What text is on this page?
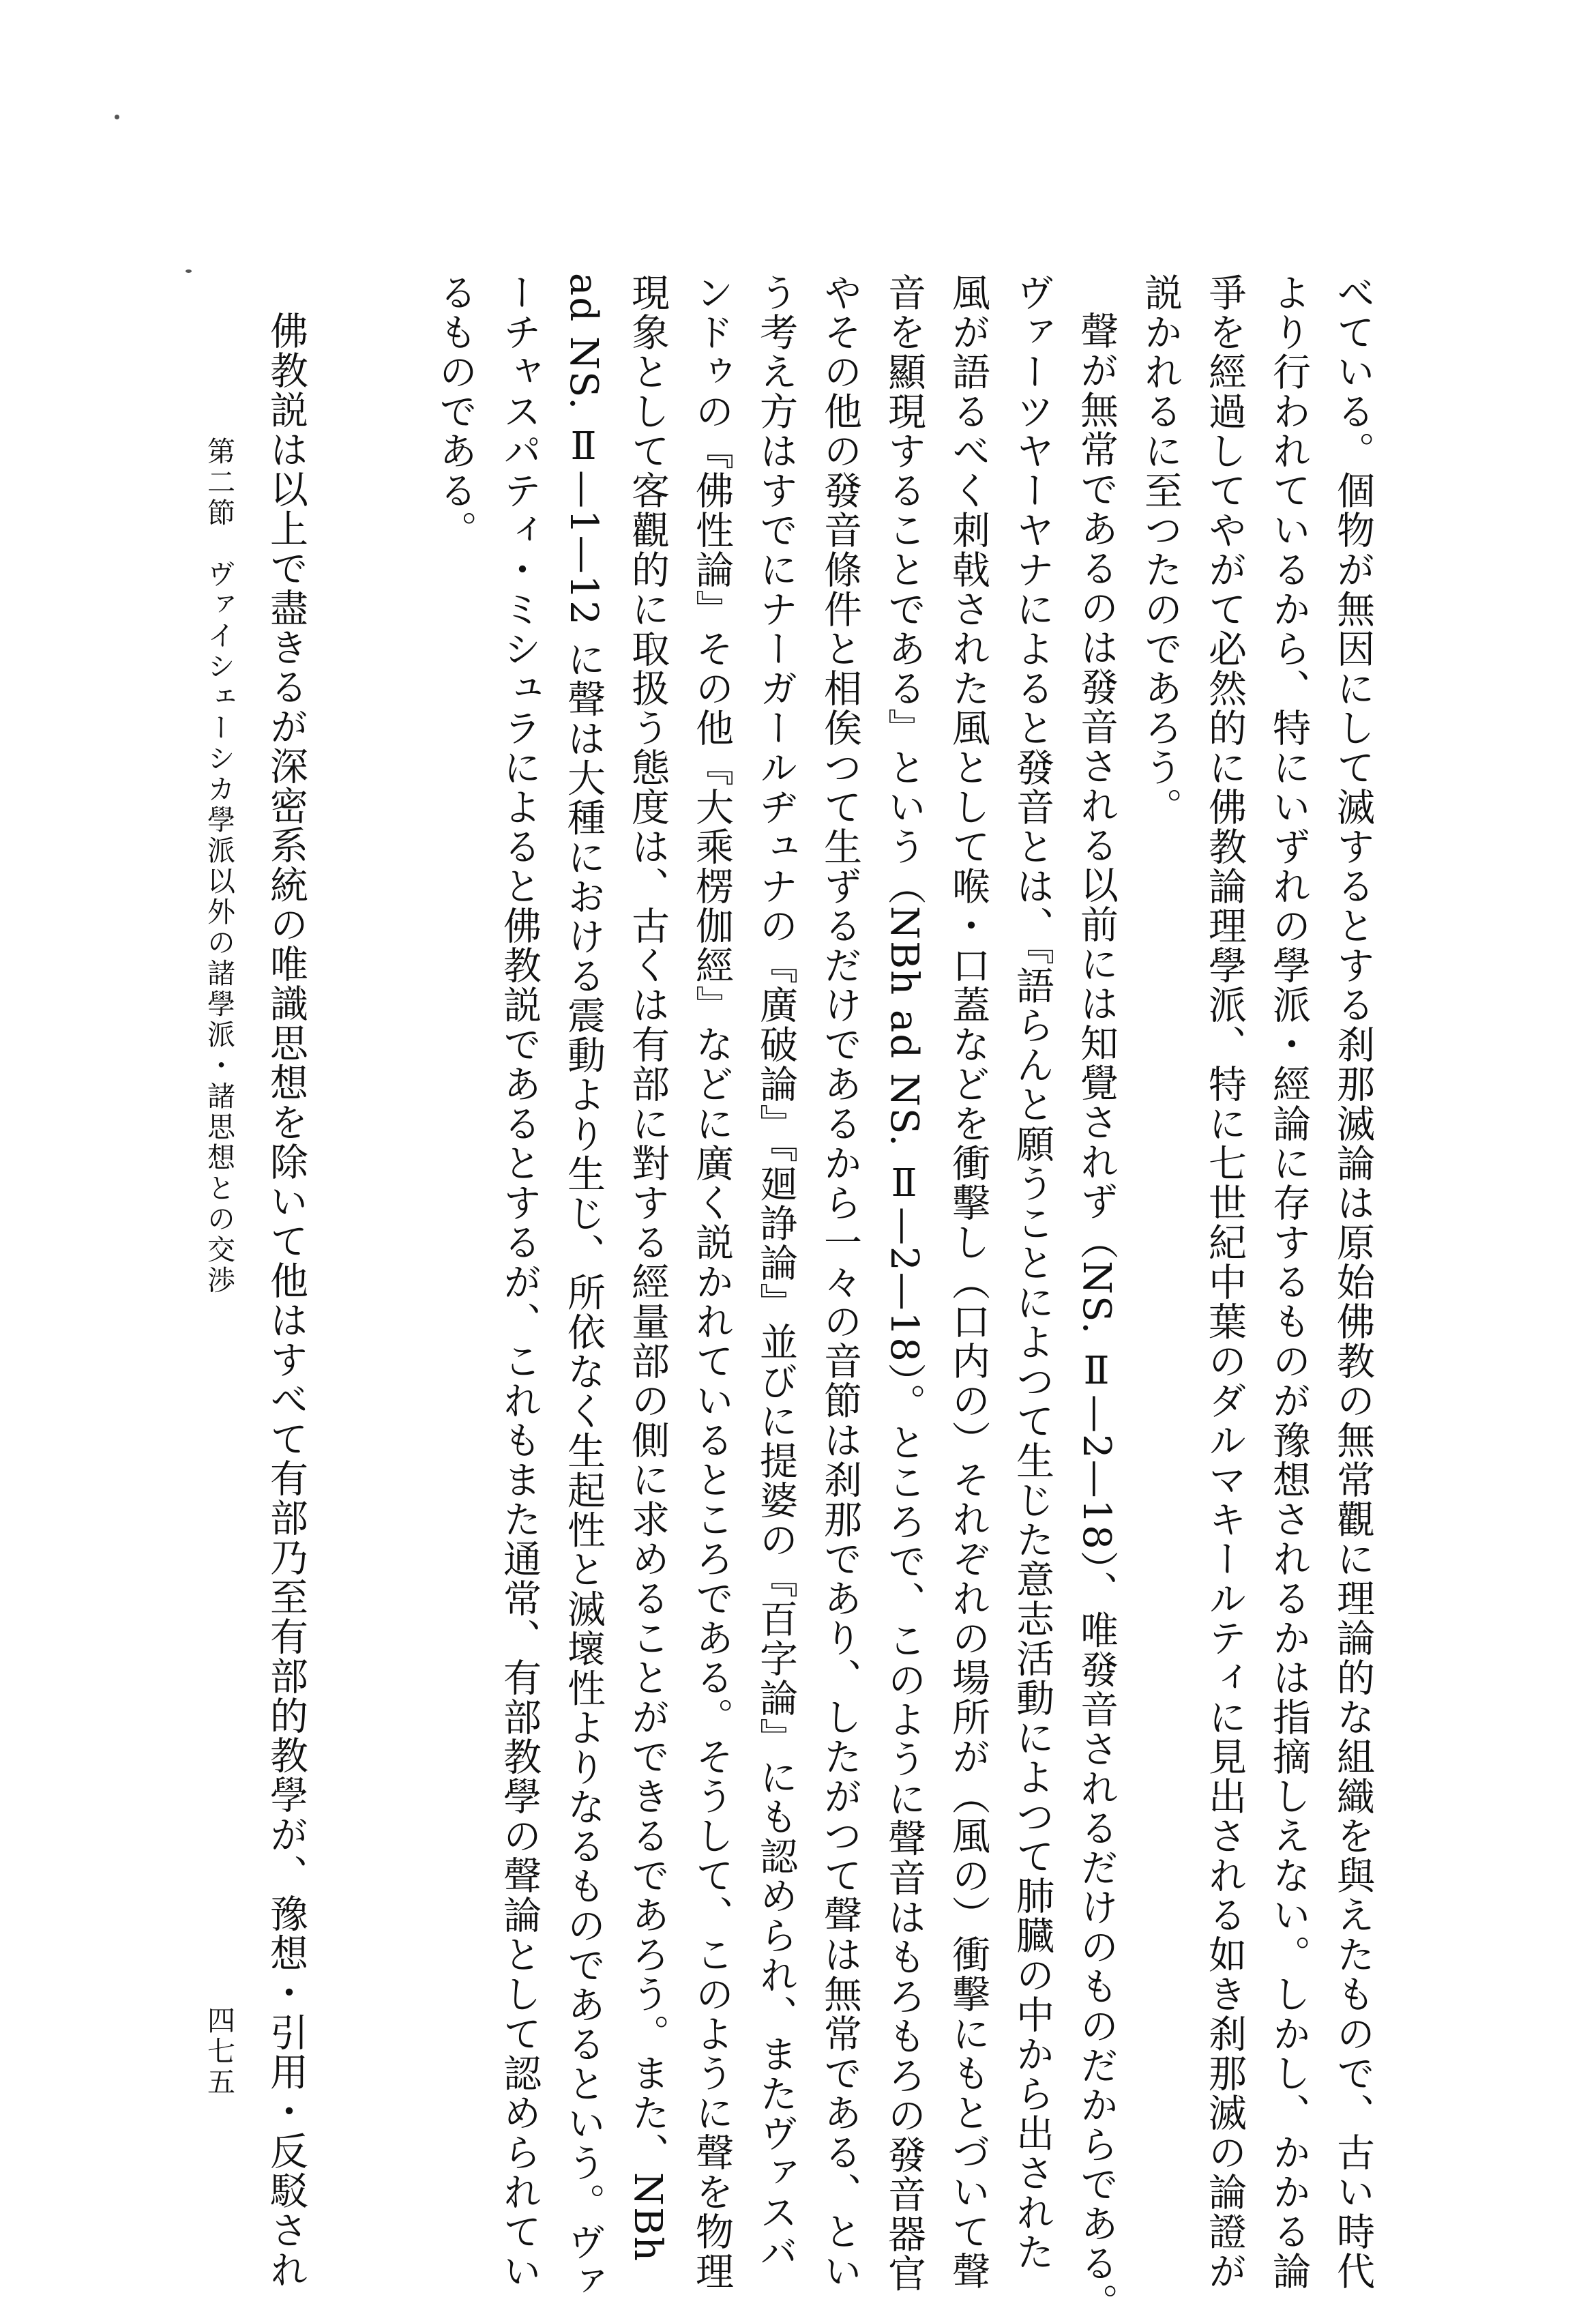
べている。個物が無因にして滅するとする刹那滅論は原始佛教の無常觀に理論的な組織を與えたもので、古い時代
より行われているから、特にいずれの學派・經論に存するものが豫想されるかは指摘しえない。しかし、かかる論
爭を經過してやがて必然的に佛教論理學派、特に七世紀中葉のダルマキールティに見出される如き刹那滅の論證が
説かれるに至つたのであろう。

聲が無常であるのは發音される以前には知覺されず（NS. Ⅱ—2—18）、唯發音されるだけのものだからである。
ヴァーツヤーヤナによると發音とは、『語らんと願うことによつて生じた意志活動によつて肺臓の中から出された
風が語るべく刺戟された風として喉・口蓋などを衝擊し（口内の）それぞれの場所が（風の）衝擊にもとづいて聲
音を顯現することである』という（NBh ad NS. Ⅱ—2—18）。ところで、このように聲音はもろもろの發音器官
やその他の發音條件と相俟つて生ずるだけであるから一々の音節は刹那であり、したがつて聲は無常である、とい
う考え方はすでにナーガールヂュナの『廣破論』『廻諍論』並びに提婆の『百字論』にも認められ、またヴァスバ
ンドゥの『佛性論』その他『大乘楞伽經』などに廣く説かれているところである。そうして、このように聲を物理
現象として客觀的に取扱う態度は、古くは有部に對する經量部の側に求めることができるであろう。また、NBh
ad NS. Ⅱ—1—12 に聲は大種における震動より生じ、所依なく生起性と滅壞性よりなるものであるという。ヴァ
ーチャスパティ・ミシュラによると佛教説であるとするが、これもまた通常、有部教學の聲論として認められてい
るものである。

佛教説は以上で盡きるが深密系統の唯識思想を除いて他はすべて有部乃至有部的教學が、豫想・引用・反駁され
第二節　ヴァイシェーシカ學派以外の諸學派・諸思想との交渉
四七五
